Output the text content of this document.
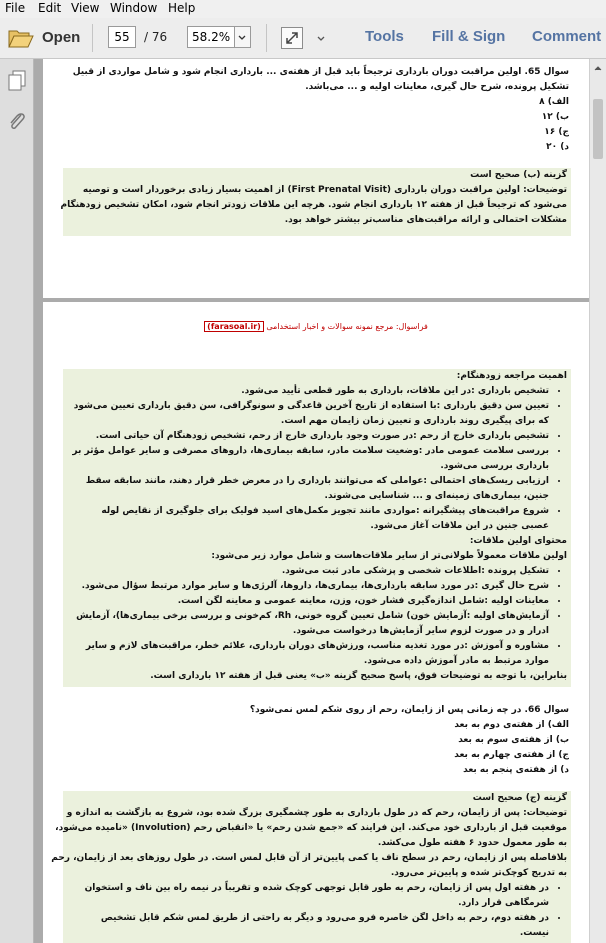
File Edit View Window Help
Open	55	/ 76	58.2%	Tools Fill & Sign Comment
سوال 65. اولین مراقبت دوران بارداری ترجیحاً باید قبل از هفته‌ی ... بارداری انجام شود و شامل مواردی از قبیل
تشکیل پرونده، شرح حال گیری، معاینات اولیه و ... می‌باشد.
الف) ۸
ب) ۱۲
ج) ۱۶
د) ۲۰
گزینه (ب) صحیح است
توضیحات: اولین مراقبت دوران بارداری (First Prenatal Visit) از اهمیت بسیار زیادی برخوردار است و توصیه
می‌شود که ترجیحاً قبل از هفته ۱۲ بارداری انجام شود. هرچه این ملاقات زودتر انجام شود، امکان تشخیص زودهنگام
مشکلات احتمالی و ارائه مراقبت‌های مناسب‌تر بیشتر خواهد بود.
فراسوال: مرجع نمونه سوالات و اخبار استخدامی (farasoal.ir)
اهمیت مراجعه زودهنگام:
• تشخیص بارداری :در این ملاقات، بارداری به طور قطعی تأیید می‌شود.
• تعیین سن دقیق بارداری :با استفاده از تاریخ آخرین قاعدگی و سونوگرافی، سن دقیق بارداری تعیین می‌شود
که برای پیگیری روند بارداری و تعیین زمان زایمان مهم است.
• تشخیص بارداری خارج از رحم :در صورت وجود بارداری خارج از رحم، تشخیص زودهنگام آن حیاتی است.
• بررسی سلامت عمومی مادر :وضعیت سلامت مادر، سابقه بیماری‌ها، داروهای مصرفی و سایر عوامل مؤثر بر
بارداری بررسی می‌شود.
• ارزیابی ریسک‌های احتمالی :عواملی که می‌توانند بارداری را در معرض خطر قرار دهند، مانند سابقه سقط
جنین، بیماری‌های زمینه‌ای و ... شناسایی می‌شوند.
• شروع مراقبت‌های پیشگیرانه :مواردی مانند تجویز مکمل‌های اسید فولیک برای جلوگیری از نقایص لوله
عصبی جنین در این ملاقات آغاز می‌شود.
محتوای اولین ملاقات:
اولین ملاقات معمولاً طولانی‌تر از سایر ملاقات‌هاست و شامل موارد زیر می‌شود:
• تشکیل پرونده :اطلاعات شخصی و پزشکی مادر ثبت می‌شود.
• شرح حال گیری :در مورد سابقه بارداری‌ها، بیماری‌ها، داروها، آلرژی‌ها و سایر موارد مرتبط سؤال می‌شود.
• معاینات اولیه :شامل اندازه‌گیری فشار خون، وزن، معاینه عمومی و معاینه لگن است.
• آزمایش‌های اولیه :آزمایش خون) شامل تعیین گروه خونی، Rh، کم‌خونی و بررسی برخی بیماری‌ها)، آزمایش
ادرار و در صورت لزوم سایر آزمایش‌ها درخواست می‌شود.
• مشاوره و آموزش :در مورد تغذیه مناسب، ورزش‌های دوران بارداری، علائم خطر، مراقبت‌های لازم و سایر
موارد مرتبط به مادر آموزش داده می‌شود.
بنابراین، با توجه به توضیحات فوق، پاسخ صحیح گزینه «ب» یعنی قبل از هفته ۱۲ بارداری است.
سوال 66. در چه زمانی پس از زایمان، رحم از روی شکم لمس نمی‌شود؟
الف) از هفته‌ی دوم به بعد
ب) از هفته‌ی سوم به بعد
ج) از هفته‌ی چهارم به بعد
د) از هفته‌ی پنجم به بعد
گزینه (ج) صحیح است
توضیحات: پس از زایمان، رحم که در طول بارداری به طور چشمگیری بزرگ شده بود، شروع به بازگشت به اندازه و
موقعیت قبل از بارداری خود می‌کند. این فرایند که «جمع شدن رحم» یا «انقباض رحم (Involution) «نامیده می‌شود،
به طور معمول حدود ۶ هفته طول می‌کشد.
بلافاصله پس از زایمان، رحم در سطح ناف یا کمی پایین‌تر از آن قابل لمس است. در طول روزهای بعد از زایمان، رحم
به تدریج کوچک‌تر شده و پایین‌تر می‌رود.
• در هفته اول پس از زایمان، رحم به طور قابل توجهی کوچک شده و تقریباً در نیمه راه بین ناف و استخوان
شرمگاهی قرار دارد.
• در هفته دوم، رحم به داخل لگن خاصره فرو می‌رود و دیگر به راحتی از طریق لمس شکم قابل تشخیص
نیست.
